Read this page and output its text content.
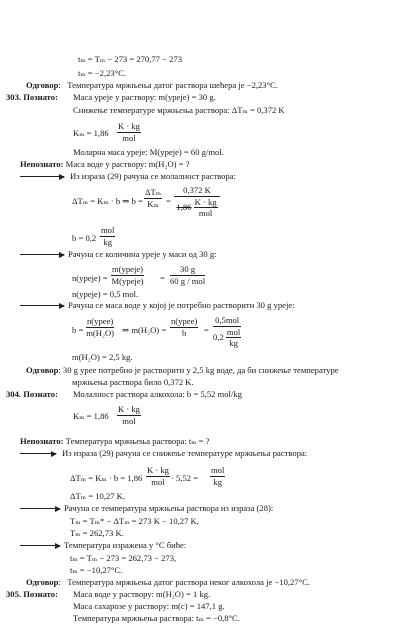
tₘ = Tₘ − 273 = 270,77 − 273
tₘ = −2,23°C.
Одговор:   Температура мржњења датог раствора шећера је −2,23°C.
303. Познато: Маса уреје у раствору: m(уреје) = 30 g.
Снижење температуре мржњења раствора: ΔTₘ = 0,372 K
Kₘ = 1,86
K · kg
mol
Моларна маса уреје: M(уреје) = 60 g/mol.
Непознато: Маса воде у раствору: m(H₂O) = ?
Из израза (29) рачуна се молалност раствора:
ΔTₘ = Kₘ · b ⇒ b =
ΔTₘ
Kₘ =
0,372 K
1,86
K · kg
mol
b = 0,2
mol
kg
Рачуна се количина уреје у маси од 30 g:
n(уреје) =
m(уреје)
M(уреје) =
30 g
60 g / mol
n(уреје) = 0,5 mol.
Рачуна се маса воде у којој је потребно растворити 30 g уреје:
b =
n(урее)
m(H₂O) ⇒ m(H₂O) =
n(урее)
b	=
0,5mol
0,2
mol
kg
m(H₂O) = 2,5 kg.
Одговор: 30 g урее потребно је растворити у 2,5 kg воде, да би снижење температуре
мржњења раствора било 0,372 K.
304. Познато: Молалност раствора алкохола: b = 5,52 mol/kg
Kₘ = 1,86
K · kg
mol
Непознато: Температура мржњења раствора: tₘ = ?
Из израза (29) рачуна се снижење температуре мржњења раствора:
ΔTₘ = Kₘ · b = 1,86
K · kg
mol · 5,52 =
mol
kg
ΔTₘ = 10,27 K.
Рачуна се температура мржњења раствора из израза (28):
Tₘ = Tₘ* − ΔTₘ = 273 K − 10,27 K,
Tₘ = 262,73 K.
Температура изражена у °C биће:
tₘ = Tₘ − 273 = 262,73 − 273,
tₘ = −10,27°C.
Одговор:   Температура мржњења датог раствора неког алкохола је −10,27°C.
305. Познато: Маса воде у раствору: m(H₂O) = 1 kg.
Маса сахарозе у раствору: m(c) = 147,1 g.
Температура мржњења раствора: tₘ = −0,8°C.
